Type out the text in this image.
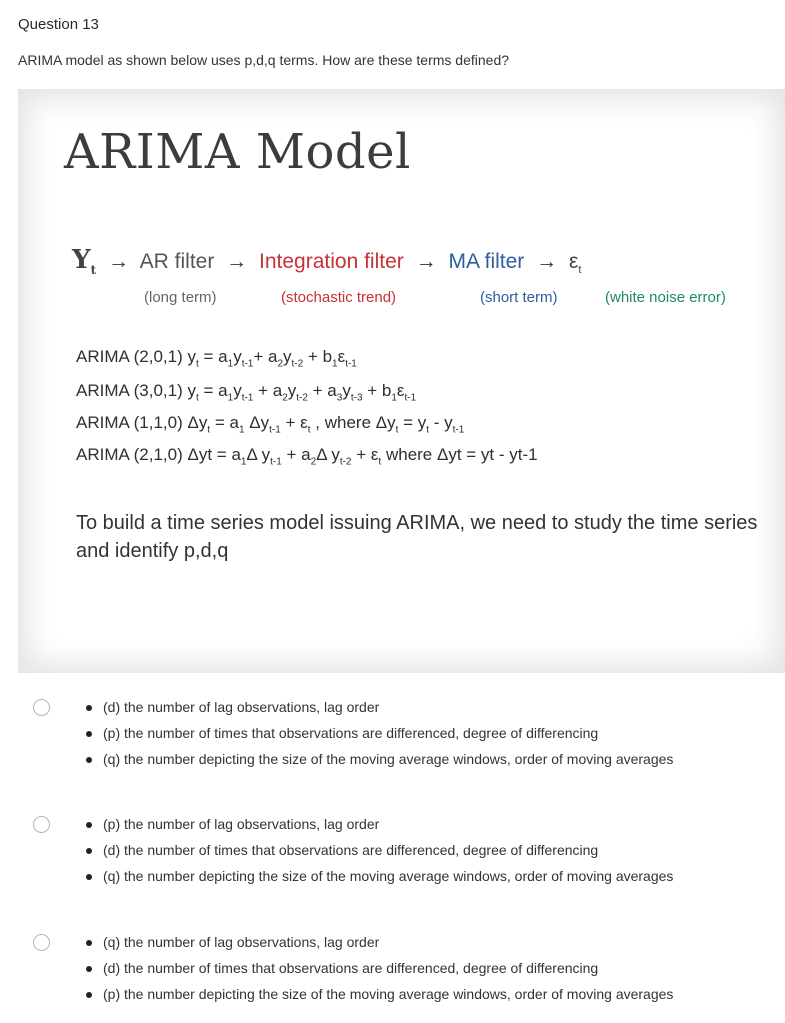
Question 13
ARIMA model as shown below uses p,d,q terms. How are these terms defined?
ARIMA Model
$Y_t$ → AR filter → Integration filter → MA filter → $\varepsilon_t$
(long term)	(stochastic trend)	(short term)	(white noise error)
ARIMA (2,0,1) $y_t = a_1y_{t-1}+ a_2y_{t-2} + b_1\varepsilon_{t-1}$
ARIMA (3,0,1) $y_t = a_1y_{t-1} + a_2y_{t-2} + a_3y_{t-3} + b_1\varepsilon_{t-1}$
ARIMA (1,1,0) $\Delta y_t = a_1$ $\Delta y_{t-1} + \varepsilon_t$ , where $\Delta y_t = y_t - y_{t-1}$
ARIMA (2,1,0) $\Delta yt = a_1\Delta$ $y_{t-1} + a_2\Delta$ $y_{t-2} + \varepsilon_t$ where Δyt = yt - yt-1
To build a time series model issuing ARIMA, we need to study the time series and identify p,d,q
(d) the number of lag observations, lag order
(p) the number of times that observations are differenced, degree of differencing
(q) the number depicting the size of the moving average windows, order of moving averages
(p) the number of lag observations, lag order
(d) the number of times that observations are differenced, degree of differencing
(q) the number depicting the size of the moving average windows, order of moving averages
(q) the number of lag observations, lag order
(d) the number of times that observations are differenced, degree of differencing
(p) the number depicting the size of the moving average windows, order of moving averages
